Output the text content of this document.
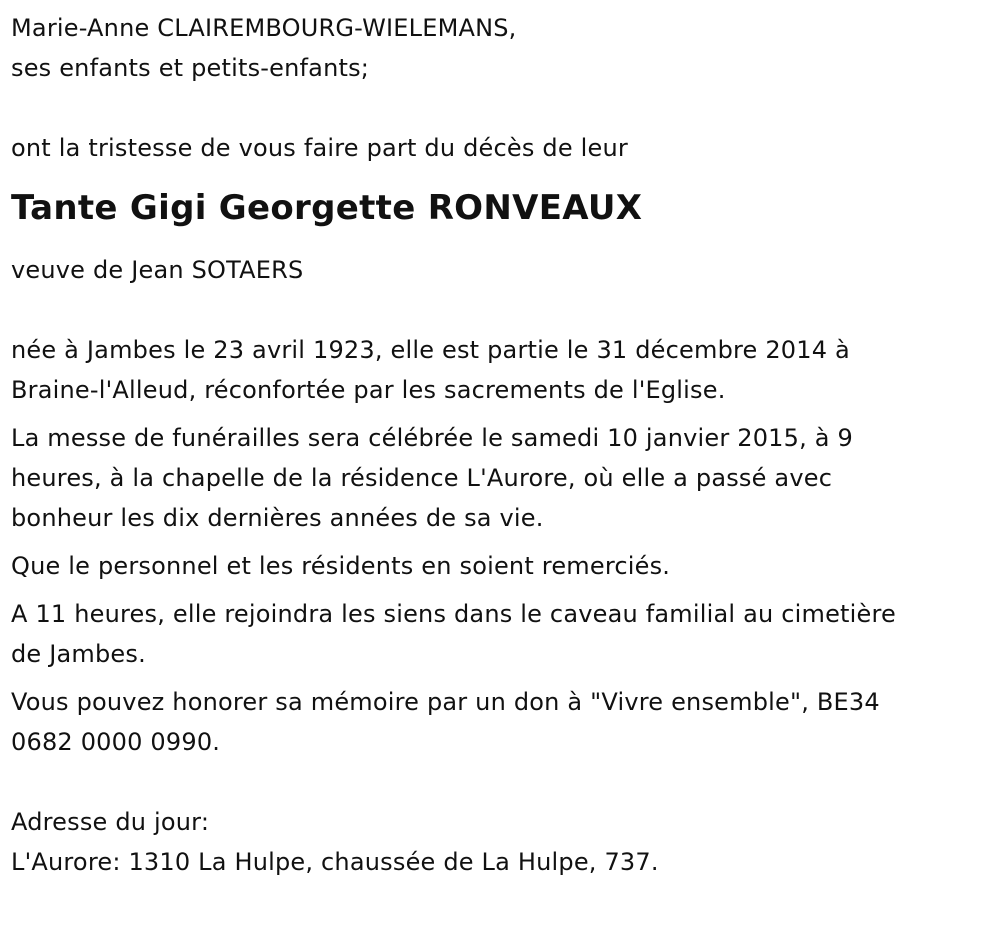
Marie-Anne CLAIREMBOURG-WIELEMANS,
ses enfants et petits-enfants;
ont la tristesse de vous faire part du décès de leur
Tante Gigi Georgette RONVEAUX
veuve de Jean SOTAERS
née à Jambes le 23 avril 1923, elle est partie le 31 décembre 2014 à
Braine-l'Alleud, réconfortée par les sacrements de l'Eglise.
La messe de funérailles sera célébrée le samedi 10 janvier 2015, à 9
heures, à la chapelle de la résidence L'Aurore, où elle a passé avec
bonheur les dix dernières années de sa vie.
Que le personnel et les résidents en soient remerciés.
A 11 heures, elle rejoindra les siens dans le caveau familial au cimetière
de Jambes.
Vous pouvez honorer sa mémoire par un don à "Vivre ensemble", BE34
0682 0000 0990.
Adresse du jour:
L'Aurore: 1310 La Hulpe, chaussée de La Hulpe, 737.
